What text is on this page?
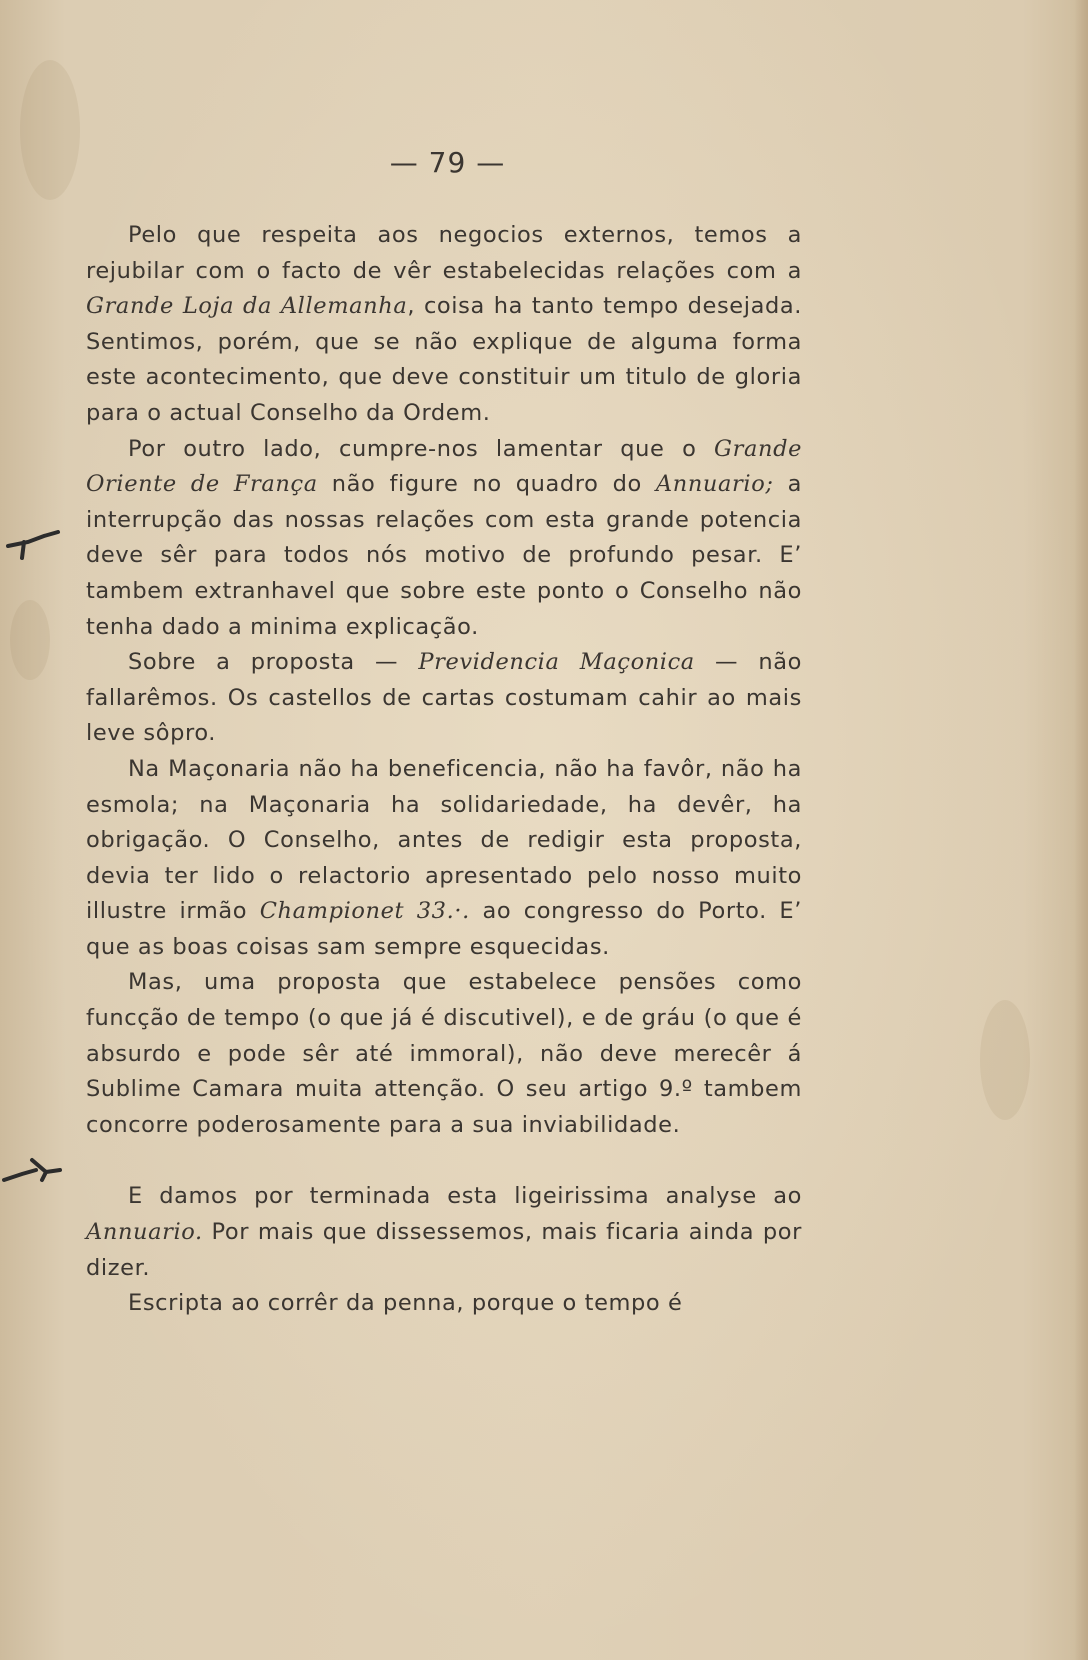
— 79 —

Pelo que respeita aos negocios externos, temos a rejubilar com o facto de vêr estabelecidas relações com a Grande Loja da Allemanha, coisa ha tanto tempo desejada. Sentimos, porém, que se não explique de alguma forma este acontecimento, que deve constituir um titulo de gloria para o actual Conselho da Ordem.

Por outro lado, cumpre-nos lamentar que o Grande Oriente de França não figure no quadro do Annuario; a interrupção das nossas relações com esta grande potencia deve sêr para todos nós motivo de profundo pesar. E’ tambem extranhavel que sobre este ponto o Conselho não tenha dado a minima explicação.

Sobre a proposta — Previdencia Maçonica — não fallarêmos. Os castellos de cartas costumam cahir ao mais leve sôpro.

Na Maçonaria não ha beneficencia, não ha favôr, não ha esmola; na Maçonaria ha solidariedade, ha devêr, ha obrigação. O Conselho, antes de redigir esta proposta, devia ter lido o relactorio apresentado pelo nosso muito illustre irmão Championet 33.·. ao congresso do Porto. E’ que as boas coisas sam sempre esquecidas.

Mas, uma proposta que estabelece pensões como funcção de tempo (o que já é discutivel), e de gráu (o que é absurdo e pode sêr até immoral), não deve merecêr á Sublime Camara muita attenção. O seu artigo 9.º tambem concorre poderosamente para a sua inviabilidade.

E damos por terminada esta ligeirissima analyse ao Annuario. Por mais que dissessemos, mais ficaria ainda por dizer.

Escripta ao corrêr da penna, porque o tempo é
